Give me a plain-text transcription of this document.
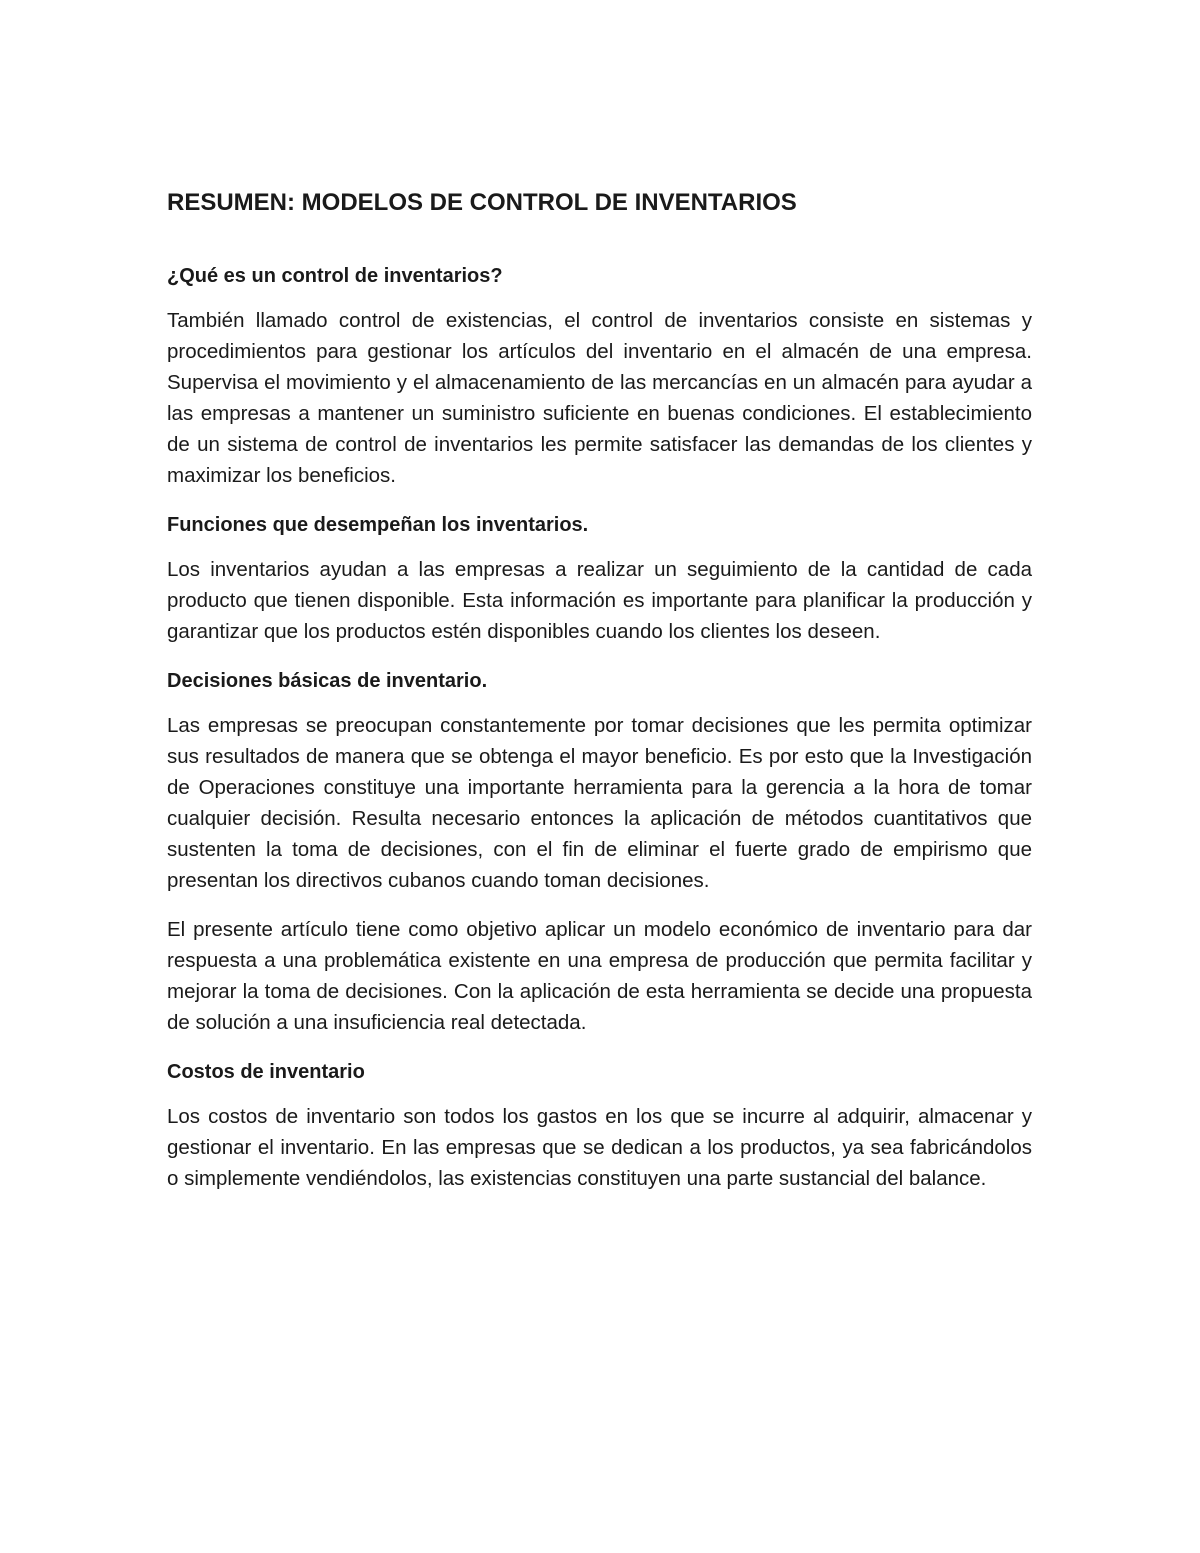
RESUMEN: MODELOS DE CONTROL DE INVENTARIOS
¿Qué es un control de inventarios?

También llamado control de existencias, el control de inventarios consiste en sistemas y procedimientos para gestionar los artículos del inventario en el almacén de una empresa. Supervisa el movimiento y el almacenamiento de las mercancías en un almacén para ayudar a las empresas a mantener un suministro suficiente en buenas condiciones. El establecimiento de un sistema de control de inventarios les permite satisfacer las demandas de los clientes y maximizar los beneficios.

Funciones que desempeñan los inventarios.

Los inventarios ayudan a las empresas a realizar un seguimiento de la cantidad de cada producto que tienen disponible. Esta información es importante para planificar la producción y garantizar que los productos estén disponibles cuando los clientes los deseen.

Decisiones básicas de inventario.

Las empresas se preocupan constantemente por tomar decisiones que les permita optimizar sus resultados de manera que se obtenga el mayor beneficio. Es por esto que la Investigación de Operaciones constituye una importante herramienta para la gerencia a la hora de tomar cualquier decisión. Resulta necesario entonces la aplicación de métodos cuantitativos que sustenten la toma de decisiones, con el fin de eliminar el fuerte grado de empirismo que presentan los directivos cubanos cuando toman decisiones.

El presente artículo tiene como objetivo aplicar un modelo económico de inventario para dar respuesta a una problemática existente en una empresa de producción que permita facilitar y mejorar la toma de decisiones. Con la aplicación de esta herramienta se decide una propuesta de solución a una insuficiencia real detectada.

Costos de inventario

Los costos de inventario son todos los gastos en los que se incurre al adquirir, almacenar y gestionar el inventario. En las empresas que se dedican a los productos, ya sea fabricándolos o simplemente vendiéndolos, las existencias constituyen una parte sustancial del balance.
